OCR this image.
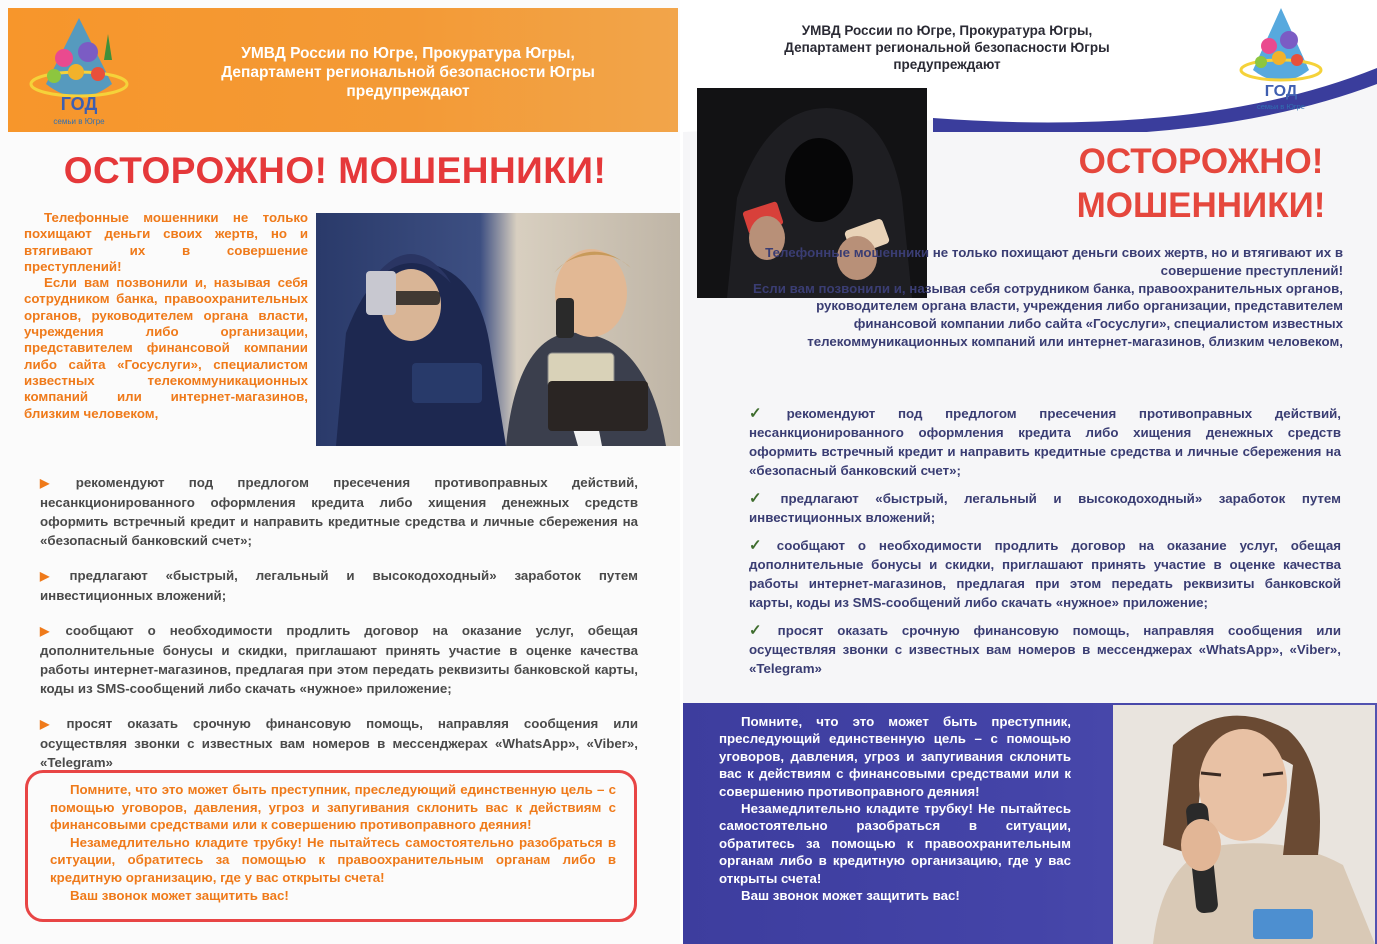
ГОД
семьи в Югре
УМВД России по Югре, Прокуратура Югры,
Департамент региональной безопасности Югры
предупреждают
ОСТОРОЖНО! МОШЕННИКИ!

Телефонные мошенники не только похищают деньги своих жертв, но и втягивают их в совершение преступлений!

Если вам позвонили и, называя себя сотрудником банка, правоохранительных органов, руководителем органа власти, учреждения либо организации, представителем финансовой компании либо сайта «Госуслуги», специалистом известных телекоммуникационных компаний или интернет-магазинов, близким человеком,

▶ рекомендуют под предлогом пресечения противоправных действий, несанкционированного оформления кредита либо хищения денежных средств оформить встречный кредит и направить кредитные средства и личные сбережения на «безопасный банковский счет»;
▶ предлагают «быстрый, легальный и высокодоходный» заработок путем инвестиционных вложений;
▶ сообщают о необходимости продлить договор на оказание услуг, обещая дополнительные бонусы и скидки, приглашают принять участие в оценке качества работы интернет-магазинов, предлагая при этом передать реквизиты банковской карты, коды из SMS-сообщений либо скачать «нужное» приложение;
▶ просят оказать срочную финансовую помощь, направляя сообщения или осуществляя звонки с известных вам номеров в мессенджерах «WhatsApp», «Viber», «Telegram»

Помните, что это может быть преступник, преследующий единственную цель – с помощью уговоров, давления, угроз и запугивания склонить вас к действиям с финансовыми средствами или к совершению противоправного деяния!

Незамедлительно кладите трубку! Не пытайтесь самостоятельно разобраться в ситуации, обратитесь за помощью к правоохранительным органам либо в кредитную организацию, где у вас открыты счета!

Ваш звонок может защитить вас!

УМВД России по Югре, Прокуратура Югры,
Департамент региональной безопасности Югры
предупреждают
ГОД
семьи в Югре
ОСТОРОЖНО!
МОШЕННИКИ!

Телефонные мошенники не только похищают деньги своих жертв, но и втягивают их в совершение преступлений!

Если вам позвонили и, называя себя сотрудником банка, правоохранительных органов, руководителем органа власти, учреждения либо организации, представителем финансовой компании либо сайта «Госуслуги», специалистом известных телекоммуникационных компаний или интернет-магазинов, близким человеком,

✓ рекомендуют под предлогом пресечения противоправных действий, несанкционированного оформления кредита либо хищения денежных средств оформить встречный кредит и направить кредитные средства и личные сбережения на «безопасный банковский счет»;
✓ предлагают «быстрый, легальный и высокодоходный» заработок путем инвестиционных вложений;
✓ сообщают о необходимости продлить договор на оказание услуг, обещая дополнительные бонусы и скидки, приглашают принять участие в оценке качества работы интернет-магазинов, предлагая при этом передать реквизиты банковской карты, коды из SMS-сообщений либо скачать «нужное» приложение;
✓ просят оказать срочную финансовую помощь, направляя сообщения или осуществляя звонки с известных вам номеров в мессенджерах «WhatsApp», «Viber», «Telegram»

Помните, что это может быть преступник, преследующий единственную цель – с помощью уговоров, давления, угроз и запугивания склонить вас к действиям с финансовыми средствами или к совершению противоправного деяния!

Незамедлительно кладите трубку! Не пытайтесь самостоятельно разобраться в ситуации, обратитесь за помощью к правоохранительным органам либо в кредитную организацию, где у вас открыты счета!

Ваш звонок может защитить вас!
